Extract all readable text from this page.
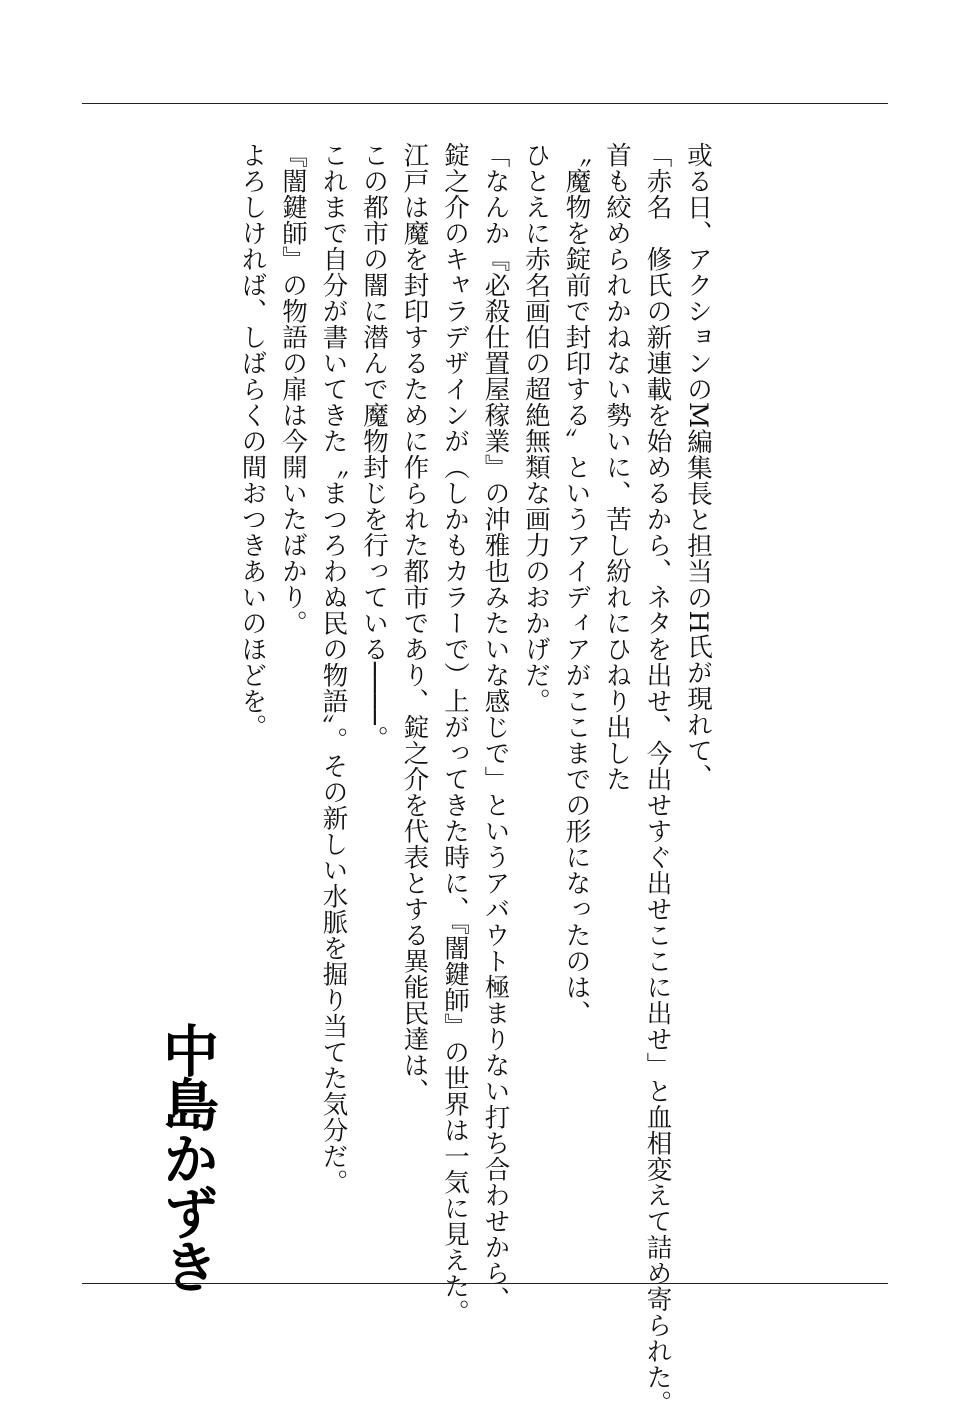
或る日、アクションのM編集長と担当のH氏が現れて、
「赤名　修氏の新連載を始めるから、ネタを出せ、今出せすぐ出せここに出せ」と血相変えて詰め寄られた。
首も絞められかねない勢いに、苦し紛れにひねり出した
〝魔物を錠前で封印する〟というアイディアがここまでの形になったのは、
ひとえに赤名画伯の超絶無類な画力のおかげだ。
「なんか『必殺仕置屋稼業』の沖雅也みたいな感じで」というアバウト極まりない打ち合わせから、
錠之介のキャラデザインが（しかもカラーで）上がってきた時に、『闇鍵師』の世界は一気に見えた。
江戸は魔を封印するために作られた都市であり、錠之介を代表とする異能民達は、
この都市の闇に潜んで魔物封じを行っている────。
これまで自分が書いてきた〝まつろわぬ民の物語〟。その新しい水脈を掘り当てた気分だ。
『闇鍵師』の物語の扉は今開いたばかり。
よろしければ、しばらくの間おつきあいのほどを。
中島かずき
